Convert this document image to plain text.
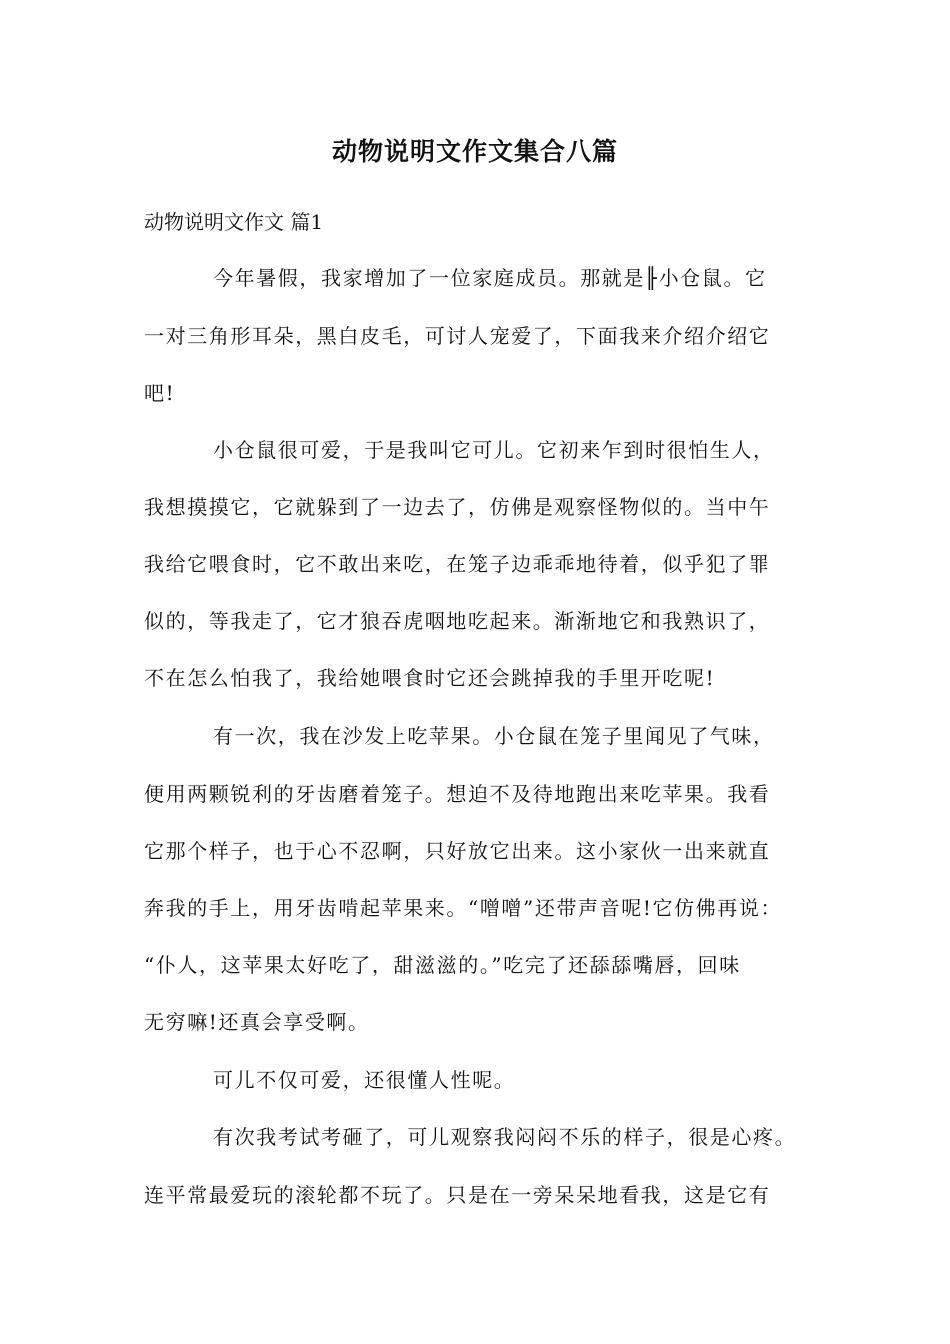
动物说明文作文集合八篇
动物说明文作文 篇1
今年暑假，我家增加了一位家庭成员。那就是╟小仓鼠。它
一对三角形耳朵，黑白皮毛，可讨人宠爱了，下面我来介绍介绍它
吧!
小仓鼠很可爱，于是我叫它可儿。它初来乍到时很怕生人，
我想摸摸它，它就躲到了一边去了，仿佛是观察怪物似的。当中午
我给它喂食时，它不敢出来吃，在笼子边乖乖地待着，似乎犯了罪
似的，等我走了，它才狼吞虎咽地吃起来。渐渐地它和我熟识了，
不在怎么怕我了，我给她喂食时它还会跳掉我的手里开吃呢!
有一次，我在沙发上吃苹果。小仓鼠在笼子里闻见了气味，
便用两颗锐利的牙齿磨着笼子。想迫不及待地跑出来吃苹果。我看
它那个样子，也于心不忍啊，只好放它出来。这小家伙一出来就直
奔我的手上，用牙齿啃起苹果来。“噌噌”还带声音呢!它仿佛再说：
“仆人，这苹果太好吃了，甜滋滋的。”吃完了还舔舔嘴唇，回味
无穷嘛!还真会享受啊。
可儿不仅可爱，还很懂人性呢。
有次我考试考砸了，可儿观察我闷闷不乐的样子，很是心疼。
连平常最爱玩的滚轮都不玩了。只是在一旁呆呆地看我，这是它有
